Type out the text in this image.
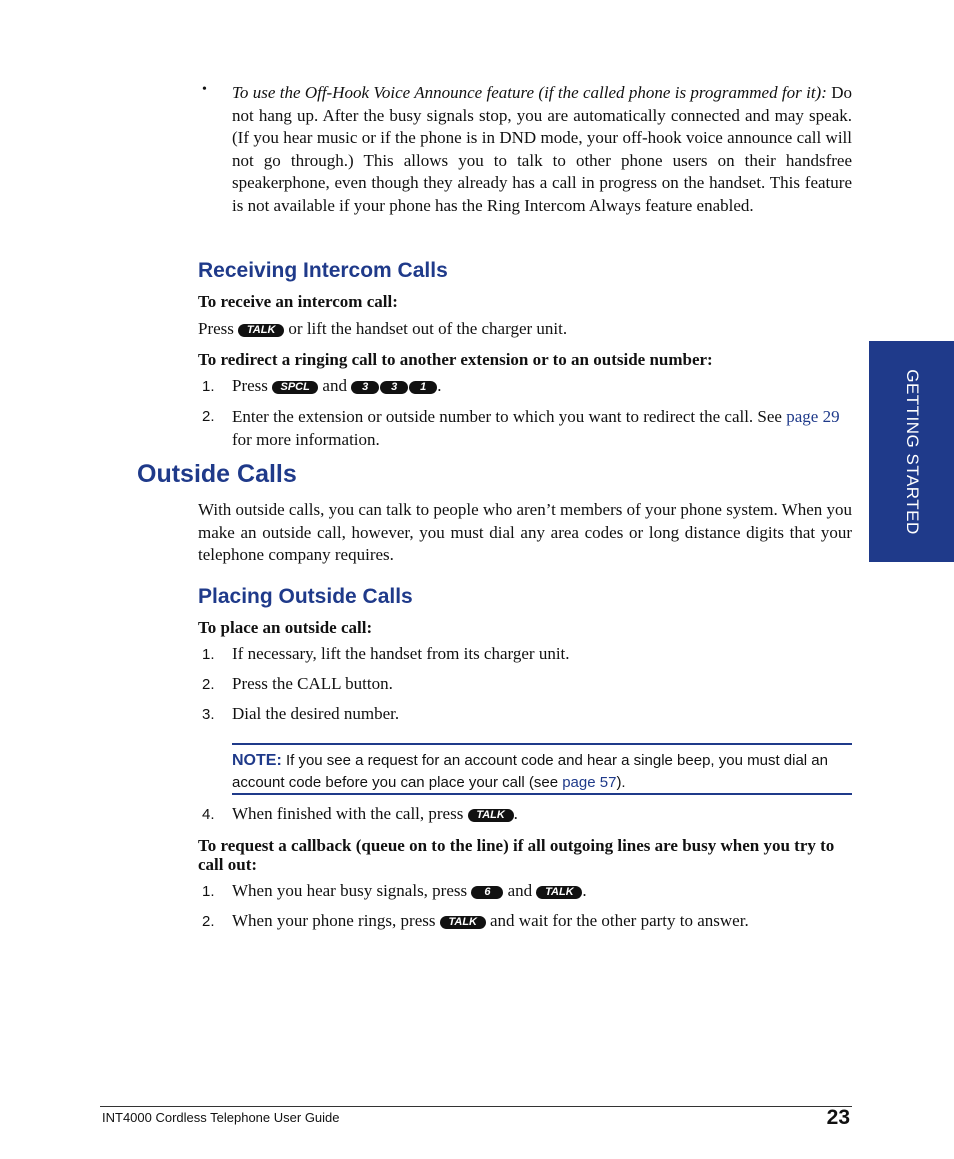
• To use the Off-Hook Voice Announce feature (if the called phone is programmed for it): Do not hang up. After the busy signals stop, you are automatically connected and may speak. (If you hear music or if the phone is in DND mode, your off-hook voice announce call will not go through.) This allows you to talk to other phone users on their handsfree speakerphone, even though they already has a call in progress on the handset. This feature is not available if your phone has the Ring Intercom Always feature enabled.
Receiving Intercom Calls
To receive an intercom call:
Press TALK or lift the handset out of the charger unit.
To redirect a ringing call to another extension or to an outside number:
1.	Press SPCL and	3	3	1 .
2.	Enter the extension or outside number to which you want to redirect the call. See page 29 for more information.
Outside Calls
With outside calls, you can talk to people who aren’t members of your phone system. When you make an outside call, however, you must dial any area codes or long distance digits that your telephone company requires.
Placing Outside Calls
To place an outside call:
1.	If necessary, lift the handset from its charger unit.
2.	Press the CALL button.
3.	Dial the desired number.
NOTE: If you see a request for an account code and hear a single beep, you must dial an account code before you can place your call (see page 57).
4.	When finished with the call, press TALK .
To request a callback (queue on to the line) if all outgoing lines are busy when you try to call out:
1.	When you hear busy signals, press 6 and TALK .
2.	When your phone rings, press TALK and wait for the other party to answer.
GETTING STARTED
INT4000 Cordless Telephone User Guide	23
